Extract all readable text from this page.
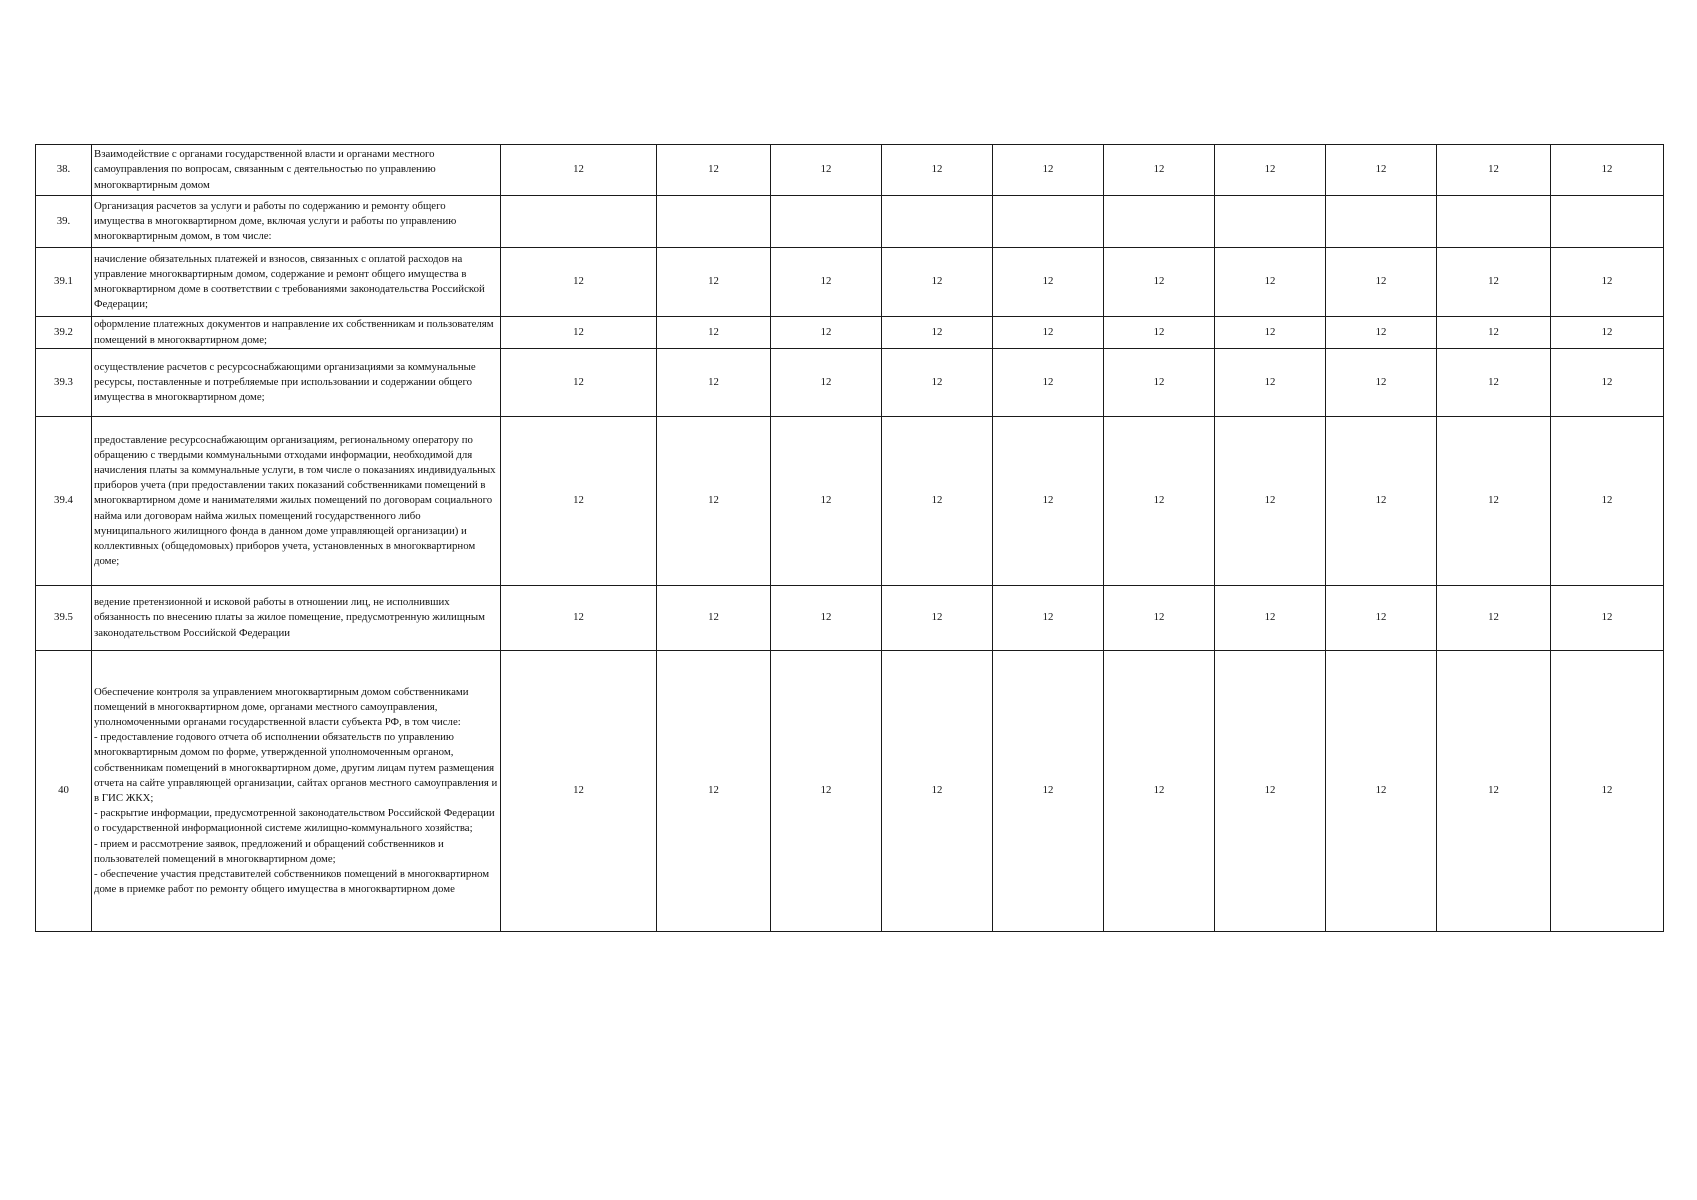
38.	Взаимодействие с органами государственной власти и органами местного самоуправления по вопросам, связанным с деятельностью по управлению многоквартирным домом	12	12	12	12	12	12	12	12	12	12
39.	Организация расчетов за услуги и работы по содержанию и ремонту общего имущества в многоквартирном доме, включая услуги и работы по управлению многоквартирным домом, в том числе:										
39.1	начисление обязательных платежей и взносов, связанных с оплатой расходов на управление многоквартирным домом, содержание и ремонт общего имущества в многоквартирном доме в соответствии с требованиями законодательства Российской Федерации;	12	12	12	12	12	12	12	12	12	12
39.2	оформление платежных документов и направление их собственникам и пользователям помещений в многоквартирном доме;	12	12	12	12	12	12	12	12	12	12
39.3	осуществление расчетов с ресурсоснабжающими организациями за коммунальные ресурсы, поставленные и потребляемые при использовании и содержании общего имущества в многоквартирном доме;	12	12	12	12	12	12	12	12	12	12
39.4	предоставление ресурсоснабжающим организациям, региональному оператору по обращению с твердыми коммунальными отходами информации, необходимой для начисления платы за коммунальные услуги, в том числе о показаниях индивидуальных приборов учета (при предоставлении таких показаний собственниками помещений в многоквартирном доме и нанимателями жилых помещений по договорам социального найма или договорам найма жилых помещений государственного либо муниципального жилищного фонда в данном доме управляющей организации) и коллективных (общедомовых) приборов учета, установленных в многоквартирном доме;	12	12	12	12	12	12	12	12	12	12
39.5	ведение претензионной и исковой работы в отношении лиц, не исполнивших обязанность по внесению платы за жилое помещение, предусмотренную жилищным законодательством Российской Федерации	12	12	12	12	12	12	12	12	12	12
40	Обеспечение контроля за управлением многоквартирным домом собственниками помещений в многоквартирном доме, органами местного самоуправления, уполномоченными органами государственной власти субъекта РФ, в том числе:
- предоставление годового отчета об исполнении обязательств по управлению многоквартирным домом по форме, утвержденной уполномоченным органом, собственникам помещений в многоквартирном доме, другим лицам путем размещения отчета на сайте управляющей организации, сайтах органов местного самоуправления и в ГИС ЖКХ;
- раскрытие информации, предусмотренной законодательством Российской Федерации о государственной информационной системе жилищно-коммунального хозяйства;
- прием и рассмотрение заявок, предложений и обращений собственников и пользователей помещений в многоквартирном доме;
- обеспечение участия представителей собственников помещений в многоквартирном доме в приемке работ по ремонту общего имущества в многоквартирном доме	12	12	12	12	12	12	12	12	12	12
